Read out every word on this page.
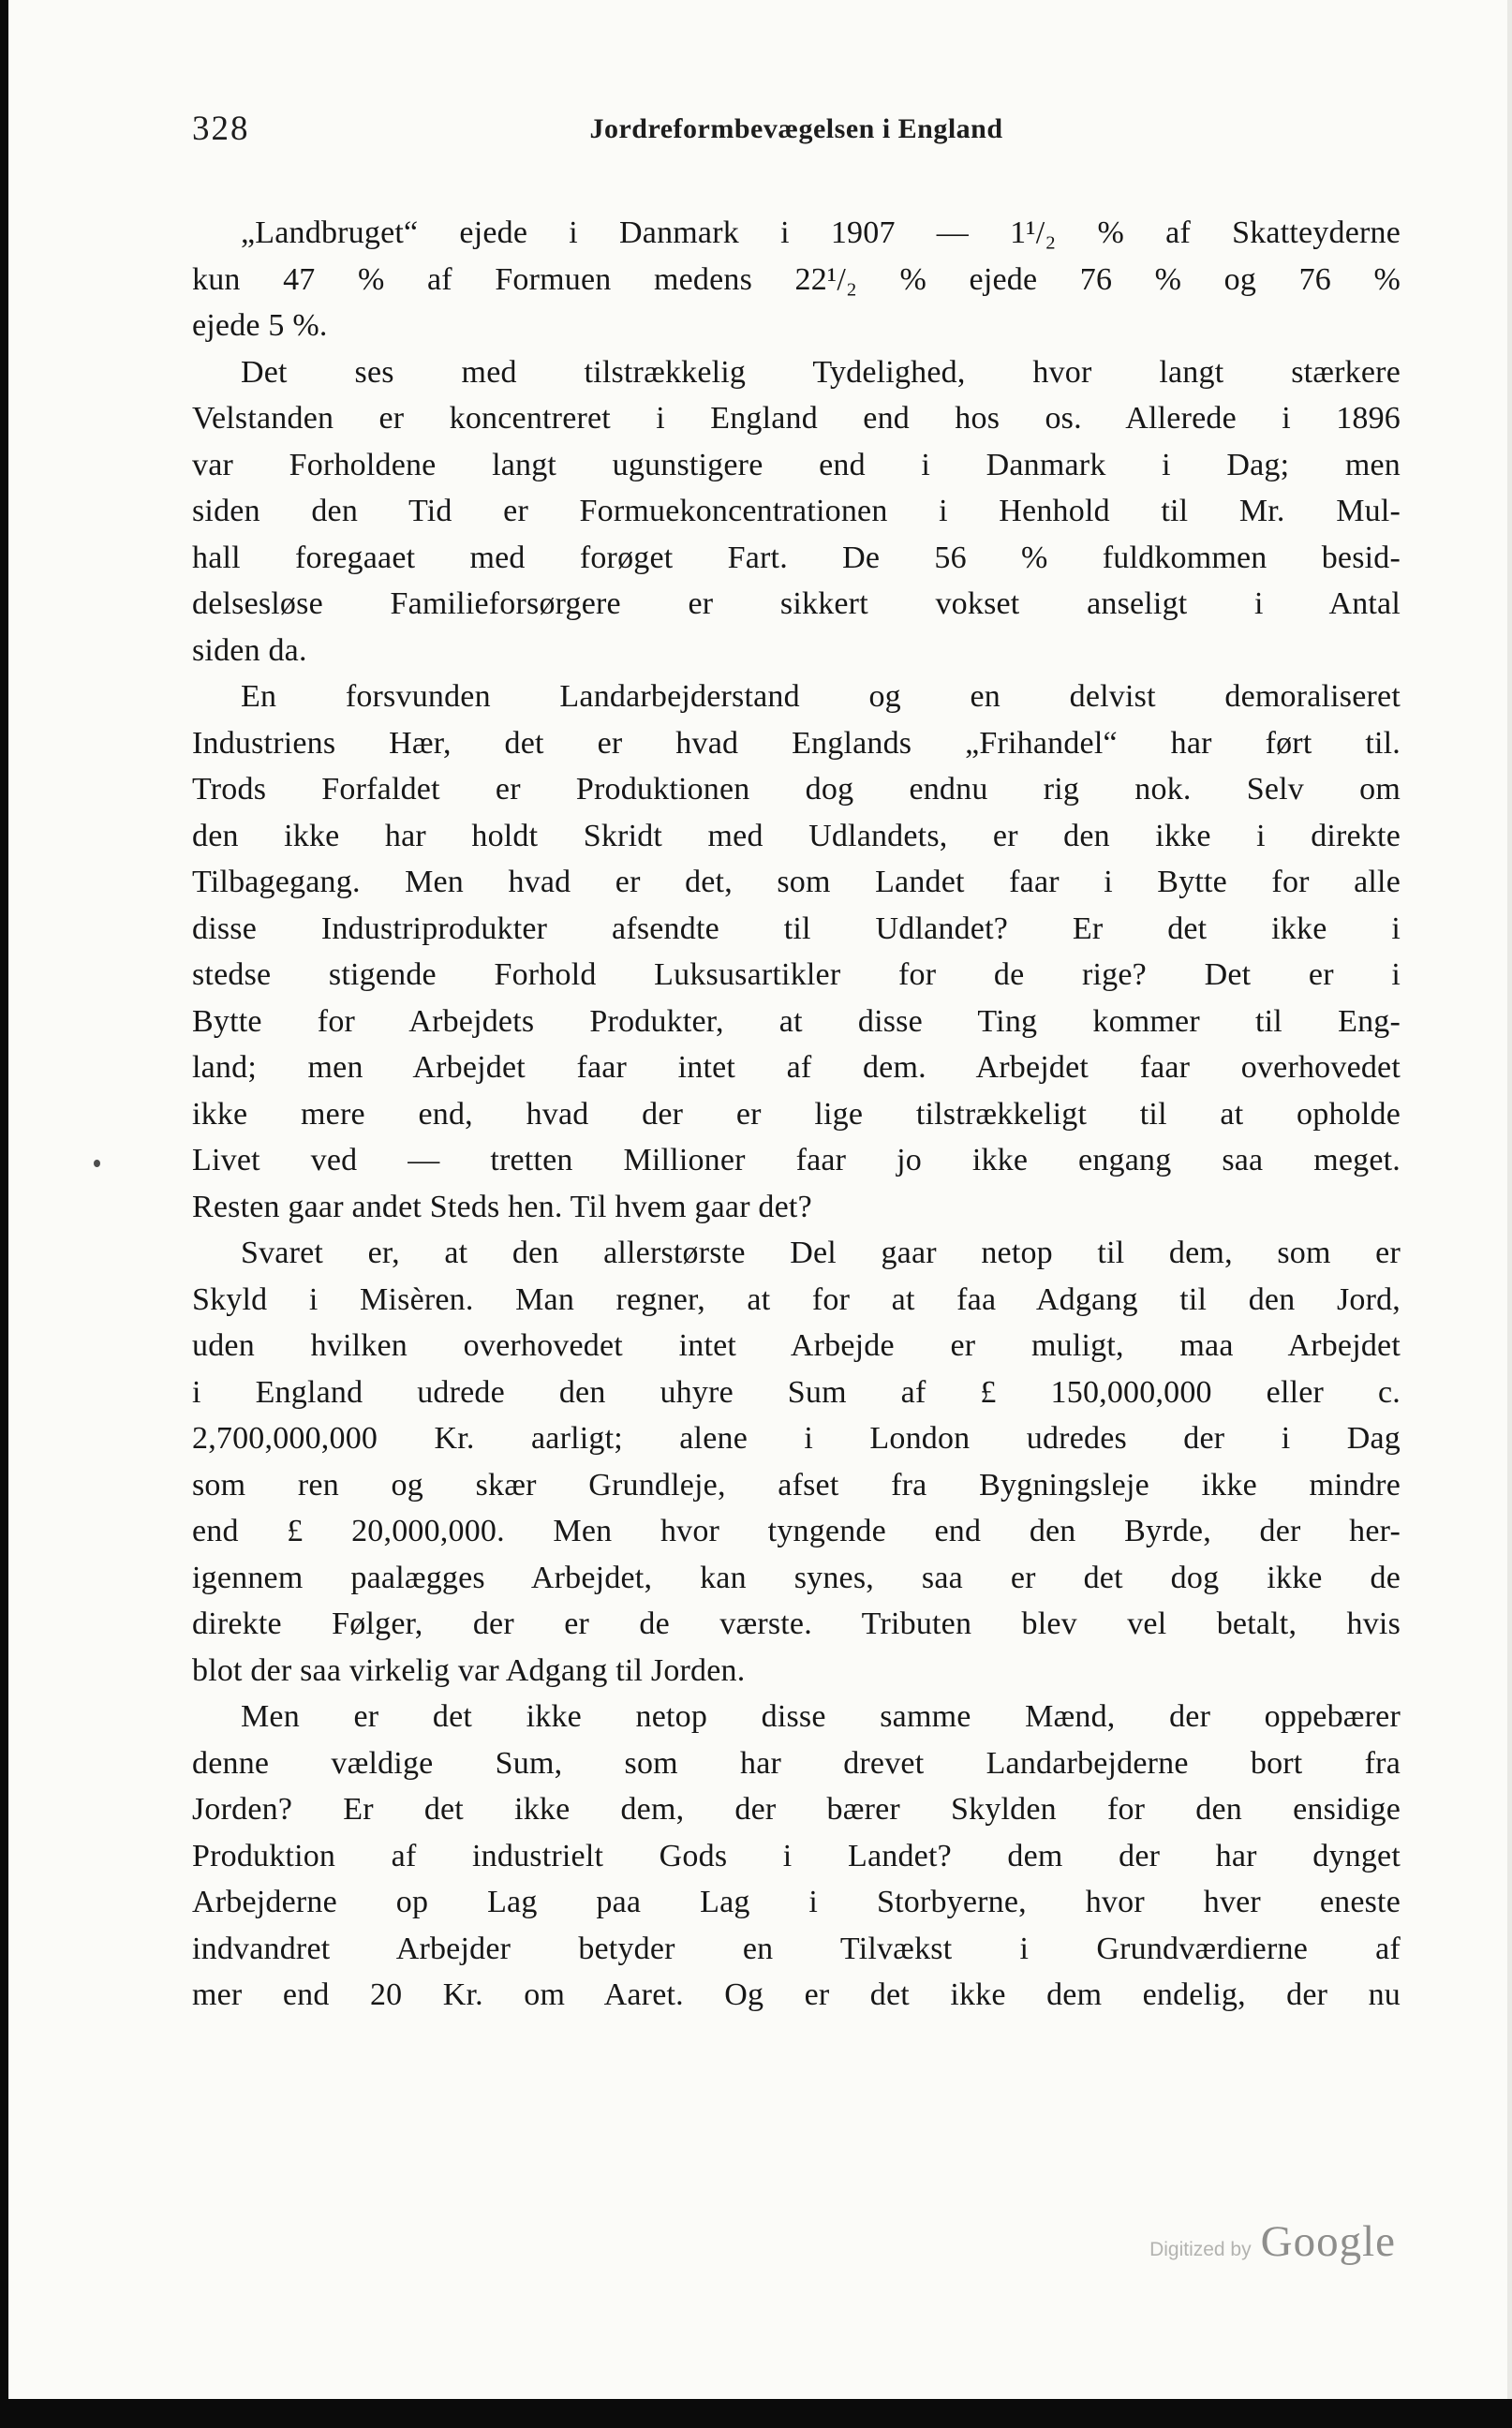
328	Jordreformbevægelsen i England
„Landbruget“ ejede i Danmark i 1907 — 1¹/₂ % af Skatteyderne
kun 47 % af Formuen medens 22¹/₂ % ejede 76 % og 76 %
ejede 5 %.
Det ses med tilstrækkelig Tydelighed, hvor langt stærkere
Velstanden er koncentreret i England end hos os. Allerede i 1896
var Forholdene langt ugunstigere end i Danmark i Dag; men
siden den Tid er Formuekoncentrationen i Henhold til Mr. Mul-
hall foregaaet med forøget Fart. De 56 % fuldkommen besid-
delsesløse Familieforsørgere er sikkert vokset anseligt i Antal
siden da.
En forsvunden Landarbejderstand og en delvist demoraliseret
Industriens Hær, det er hvad Englands „Frihandel“ har ført til.
Trods Forfaldet er Produktionen dog endnu rig nok. Selv om
den ikke har holdt Skridt med Udlandets, er den ikke i direkte
Tilbagegang. Men hvad er det, som Landet faar i Bytte for alle
disse Industriprodukter afsendte til Udlandet? Er det ikke i
stedse stigende Forhold Luksusartikler for de rige? Det er i
Bytte for Arbejdets Produkter, at disse Ting kommer til Eng-
land; men Arbejdet faar intet af dem. Arbejdet faar overhovedet
ikke mere end, hvad der er lige tilstrækkeligt til at opholde
Livet ved — tretten Millioner faar jo ikke engang saa meget.
Resten gaar andet Steds hen. Til hvem gaar det?
Svaret er, at den allerstørste Del gaar netop til dem, som er
Skyld i Misèren. Man regner, at for at faa Adgang til den Jord,
uden hvilken overhovedet intet Arbejde er muligt, maa Arbejdet
i England udrede den uhyre Sum af £ 150,000,000 eller c.
2,700,000,000 Kr. aarligt; alene i London udredes der i Dag
som ren og skær Grundleje, afset fra Bygningsleje ikke mindre
end £ 20,000,000. Men hvor tyngende end den Byrde, der her-
igennem paalægges Arbejdet, kan synes, saa er det dog ikke de
direkte Følger, der er de værste. Tributen blev vel betalt, hvis
blot der saa virkelig var Adgang til Jorden.
Men er det ikke netop disse samme Mænd, der oppebærer
denne vældige Sum, som har drevet Landarbejderne bort fra
Jorden? Er det ikke dem, der bærer Skylden for den ensidige
Produktion af industrielt Gods i Landet? dem der har dynget
Arbejderne op Lag paa Lag i Storbyerne, hvor hver eneste
indvandret Arbejder betyder en Tilvækst i Grundværdierne af
mer end 20 Kr. om Aaret. Og er det ikke dem endelig, der nu
Digitized by Google
